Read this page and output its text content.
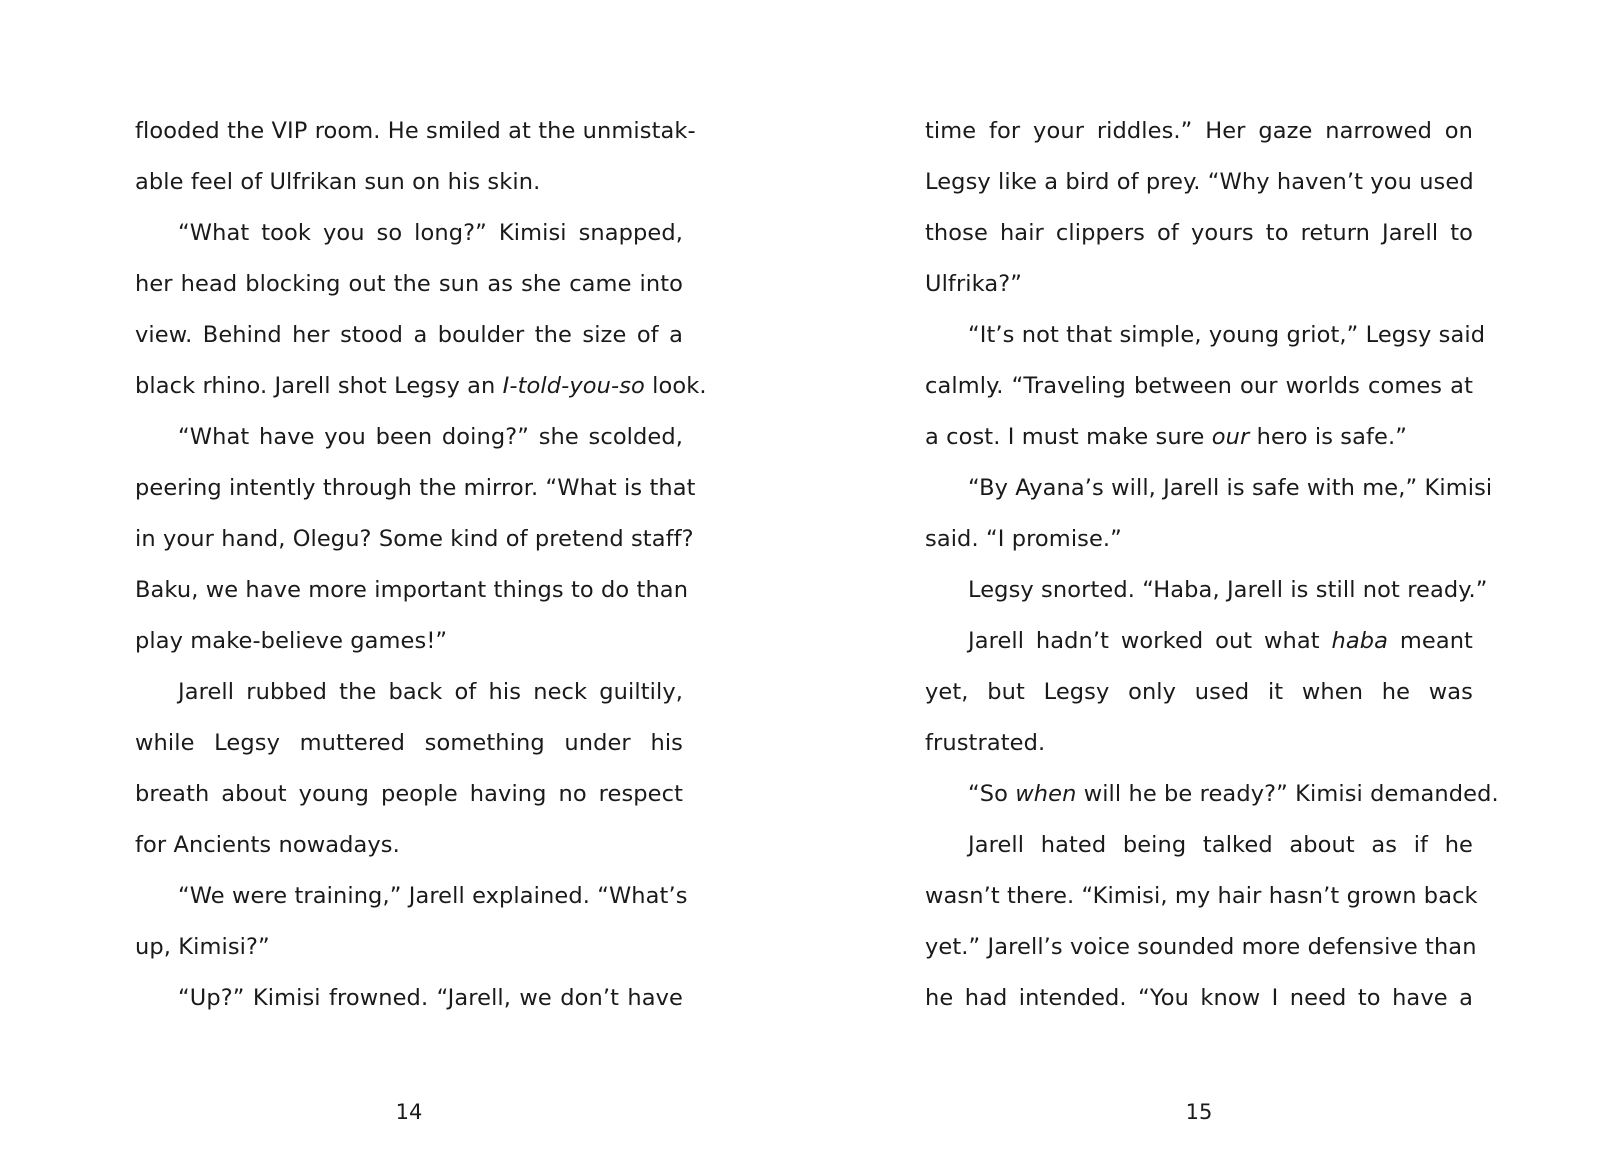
flooded the VIP room. He smiled at the unmistak-
able feel of Ulfrikan sun on his skin.
“What took you so long?” Kimisi snapped,
her head blocking out the sun as she came into
view. Behind her stood a boulder the size of a
black rhino. Jarell shot Legsy an I-told-you-so look.
“What have you been doing?” she scolded,
peering intently through the mirror. “What is that
in your hand, Olegu? Some kind of pretend staff?
Baku, we have more important things to do than
play make-believe games!”
Jarell rubbed the back of his neck guiltily,
while Legsy muttered something under his
breath about young people having no respect
for Ancients nowadays.
“We were training,” Jarell explained. “What’s
up, Kimisi?”
“Up?” Kimisi frowned. “Jarell, we don’t have
14
time for your riddles.” Her gaze narrowed on
Legsy like a bird of prey. “Why haven’t you used
those hair clippers of yours to return Jarell to
Ulfrika?”
“It’s not that simple, young griot,” Legsy said
calmly. “Traveling between our worlds comes at
a cost. I must make sure our hero is safe.”
“By Ayana’s will, Jarell is safe with me,” Kimisi
said. “I promise.”
Legsy snorted. “Haba, Jarell is still not ready.”
Jarell hadn’t worked out what haba meant
yet, but Legsy only used it when he was
frustrated.
“So when will he be ready?” Kimisi demanded.
Jarell hated being talked about as if he
wasn’t there. “Kimisi, my hair hasn’t grown back
yet.” Jarell’s voice sounded more defensive than
he had intended. “You know I need to have a
15
